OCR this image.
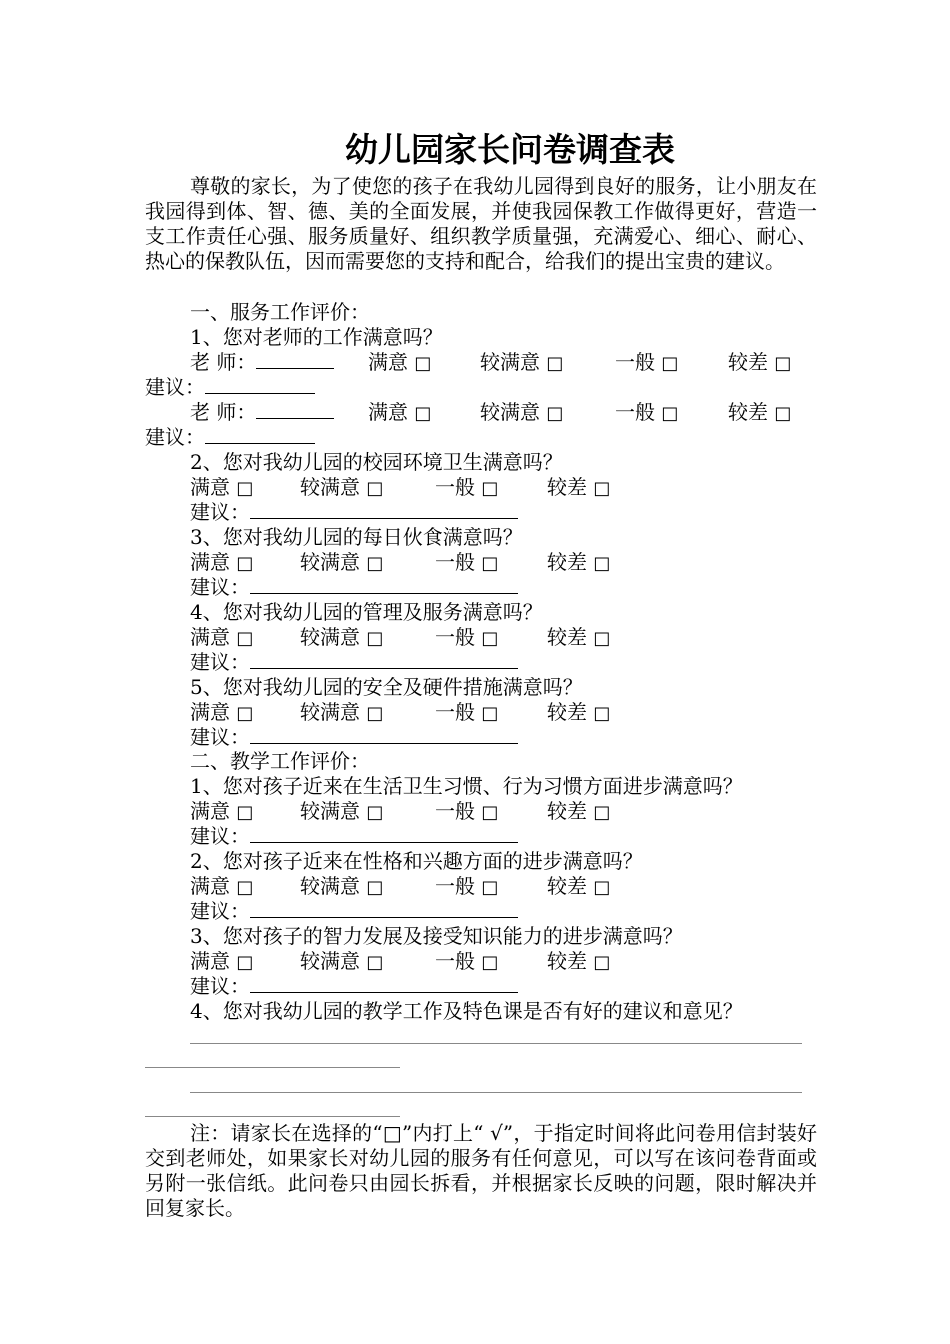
幼儿园家长问卷调查表

尊敬的家长，为了使您的孩子在我幼儿园得到良好的服务，让小朋友在我园得到体、智、德、美的全面发展，并使我园保教工作做得更好，营造一支工作责任心强、服务质量好、组织教学质量强，充满爱心、细心、耐心、热心的保教队伍，因而需要您的支持和配合，给我们的提出宝贵的建议。

一、服务工作评价：
1、您对老师的工作满意吗？
老 师：	满意 □ 较满意 □	一般 □ 较差 □
建议：
老 师：	满意 □ 较满意 □	一般 □ 较差 □
建议：
2、您对我幼儿园的校园环境卫生满意吗？
满意 □ 较满意 □	一般 □ 较差 □
建议：
3、您对我幼儿园的每日伙食满意吗？
满意 □ 较满意 □	一般 □ 较差 □
建议：
4、您对我幼儿园的管理及服务满意吗？
满意 □ 较满意 □	一般 □ 较差 □
建议：
5、您对我幼儿园的安全及硬件措施满意吗？
满意 □ 较满意 □	一般 □ 较差 □
建议：
二、教学工作评价：
1、您对孩子近来在生活卫生习惯、行为习惯方面进步满意吗？
满意 □ 较满意 □	一般 □ 较差 □
建议：
2、您对孩子近来在性格和兴趣方面的进步满意吗？
满意 □ 较满意 □	一般 □ 较差 □
建议：
3、您对孩子的智力发展及接受知识能力的进步满意吗？
满意 □ 较满意 □	一般 □ 较差 □
建议：
4、您对我幼儿园的教学工作及特色课是否有好的建议和意见？

注：请家长在选择的“□”内打上“ √”，于指定时间将此问卷用信封装好交到老师处，如果家长对幼儿园的服务有任何意见，可以写在该问卷背面或另附一张信纸。此问卷只由园长拆看，并根据家长反映的问题，限时解决并回复家长。
